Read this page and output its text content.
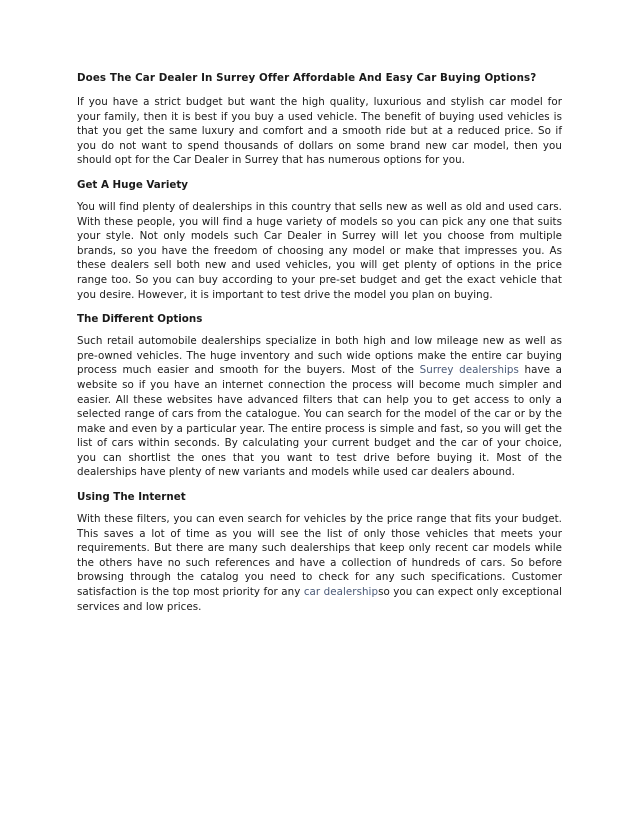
Does The Car Dealer In Surrey Offer Affordable And Easy Car Buying Options?

If you have a strict budget but want the high quality, luxurious and stylish car model for your family, then it is best if you buy a used vehicle. The benefit of buying used vehicles is that you get the same luxury and comfort and a smooth ride but at a reduced price. So if you do not want to spend thousands of dollars on some brand new car model, then you should opt for the Car Dealer in Surrey that has numerous options for you.

Get A Huge Variety

You will find plenty of dealerships in this country that sells new as well as old and used cars. With these people, you will find a huge variety of models so you can pick any one that suits your style. Not only models such Car Dealer in Surrey will let you choose from multiple brands, so you have the freedom of choosing any model or make that impresses you. As these dealers sell both new and used vehicles, you will get plenty of options in the price range too. So you can buy according to your pre-set budget and get the exact vehicle that you desire. However, it is important to test drive the model you plan on buying.

The Different Options

Such retail automobile dealerships specialize in both high and low mileage new as well as pre-owned vehicles. The huge inventory and such wide options make the entire car buying process much easier and smooth for the buyers. Most of the Surrey dealerships have a website so if you have an internet connection the process will become much simpler and easier. All these websites have advanced filters that can help you to get access to only a selected range of cars from the catalogue. You can search for the model of the car or by the make and even by a particular year. The entire process is simple and fast, so you will get the list of cars within seconds. By calculating your current budget and the car of your choice, you can shortlist the ones that you want to test drive before buying it. Most of the dealerships have plenty of new variants and models while used car dealers abound.

Using The Internet

With these filters, you can even search for vehicles by the price range that fits your budget. This saves a lot of time as you will see the list of only those vehicles that meets your requirements. But there are many such dealerships that keep only recent car models while the others have no such references and have a collection of hundreds of cars. So before browsing through the catalog you need to check for any such specifications. Customer satisfaction is the top most priority for any car dealershipso you can expect only exceptional services and low prices.
